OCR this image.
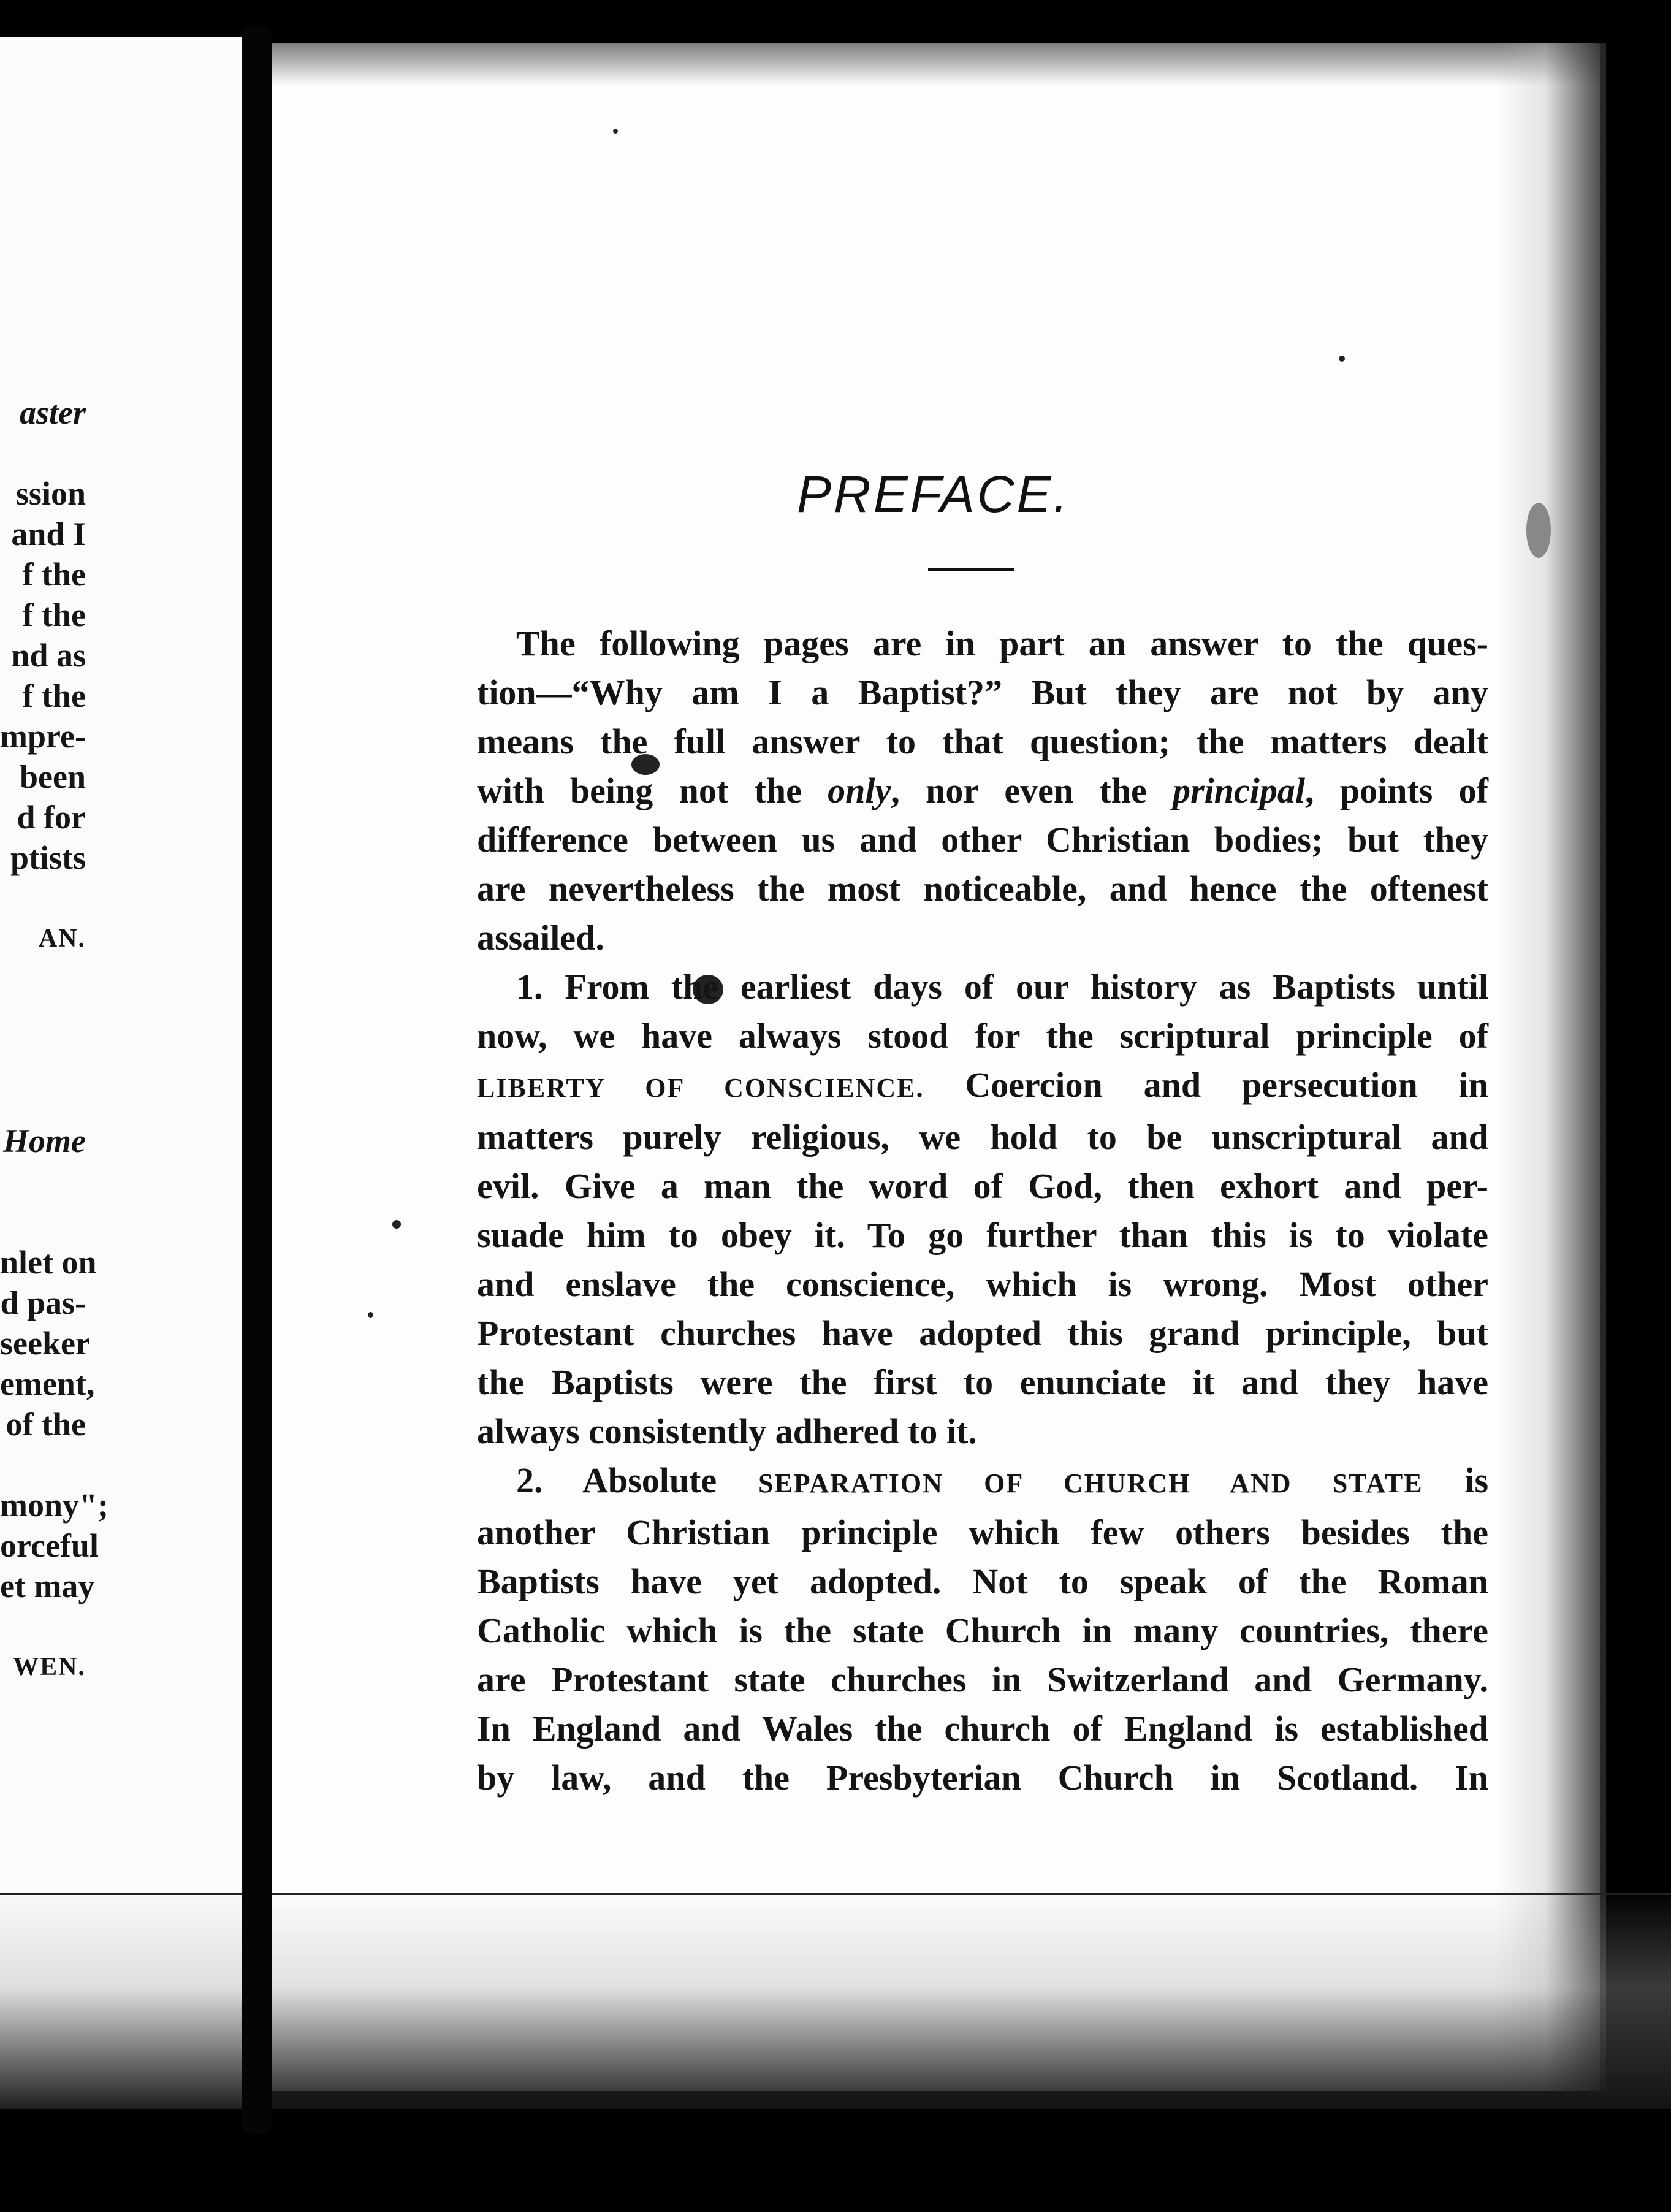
aster
ssion
and I
f the
f the
nd as
f the
mpre-
been
d for
ptists
AN.
Home
nlet on
d pas-
seeker
ement,
of the
mony";
orceful
et may
WEN.
PREFACE.

The following pages are in part an answer to the ques-

tion—“Why am I a Baptist?” But they are not by any

means the full answer to that question; the matters dealt

with being not the only, nor even the principal, points of

difference between us and other Christian bodies; but they

are nevertheless the most noticeable, and hence the oftenest

assailed.

1. From the earliest days of our history as Baptists until

now, we have always stood for the scriptural principle of

LIBERTY OF CONSCIENCE. Coercion and persecution in

matters purely religious, we hold to be unscriptural and

evil. Give a man the word of God, then exhort and per-

suade him to obey it. To go further than this is to violate

and enslave the conscience, which is wrong. Most other

Protestant churches have adopted this grand principle, but

the Baptists were the first to enunciate it and they have

always consistently adhered to it.

2. Absolute SEPARATION OF CHURCH AND STATE is

another Christian principle which few others besides the

Baptists have yet adopted. Not to speak of the Roman

Catholic which is the state Church in many countries, there

are Protestant state churches in Switzerland and Germany.

In England and Wales the church of England is established

by law, and the Presbyterian Church in Scotland. In
